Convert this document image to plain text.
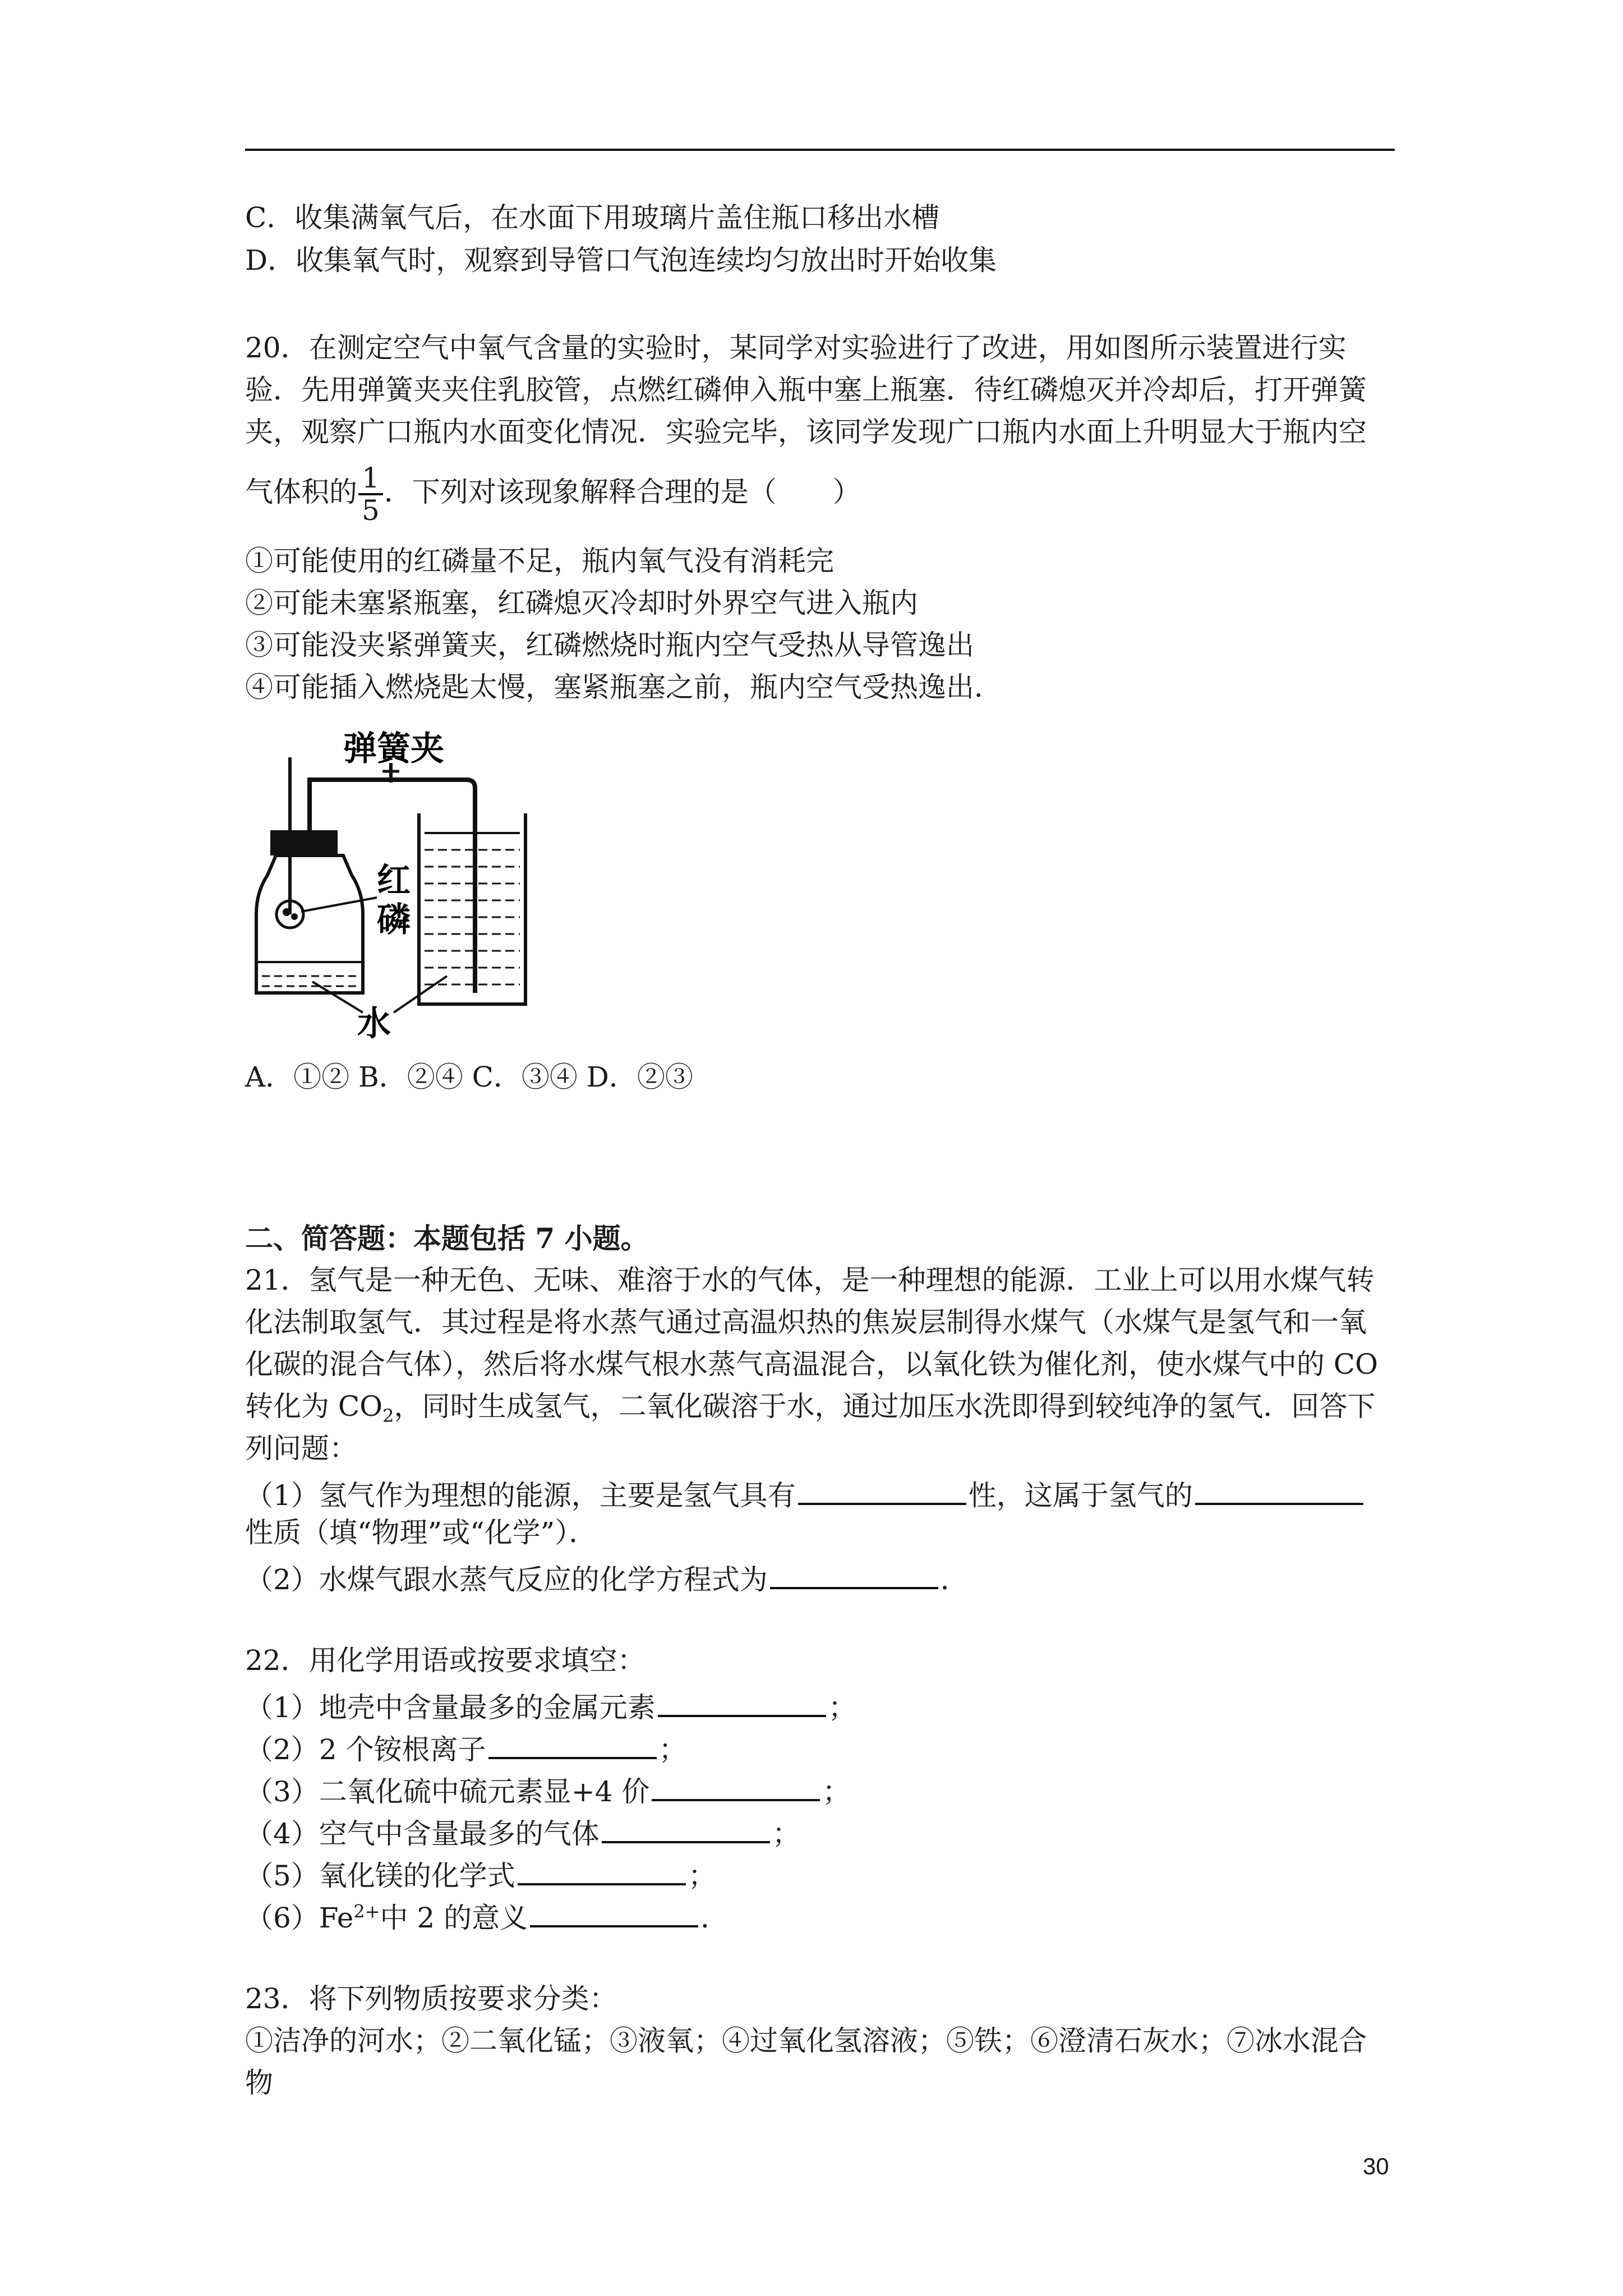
C．收集满氧气后，在水面下用玻璃片盖住瓶口移出水槽
D．收集氧气时，观察到导管口气泡连续均匀放出时开始收集
20．在测定空气中氧气含量的实验时，某同学对实验进行了改进，用如图所示装置进行实
验．先用弹簧夹夹住乳胶管，点燃红磷伸入瓶中塞上瓶塞．待红磷熄灭并冷却后，打开弹簧
夹，观察广口瓶内水面变化情况．实验完毕，该同学发现广口瓶内水面上升明显大于瓶内空
气体积的 $\frac{1}{5}$ ．下列对该现象解释合理的是（　　）
①可能使用的红磷量不足，瓶内氧气没有消耗完
②可能未塞紧瓶塞，红磷熄灭冷却时外界空气进入瓶内
③可能没夹紧弹簧夹，红磷燃烧时瓶内空气受热从导管逸出
④可能插入燃烧匙太慢，塞紧瓶塞之前，瓶内空气受热逸出．
弹簧夹
红
磷
水
A．①② B．②④ C．③④ D．②③
二、简答题：本题包括 7 小题。
21．氢气是一种无色、无味、难溶于水的气体，是一种理想的能源．工业上可以用水煤气转
化法制取氢气．其过程是将水蒸气通过高温炽热的焦炭层制得水煤气（水煤气是氢气和一氧
化碳的混合气体），然后将水煤气根水蒸气高温混合，以氧化铁为催化剂，使水煤气中的 CO
转化为 $CO_2$，同时生成氢气，二氧化碳溶于水，通过加压水洗即得到较纯净的氢气．回答下
列问题：
（1）氢气作为理想的能源，主要是氢气具有	性，这属于氢气的
性质（填“物理”或“化学”）．
（2）水煤气跟水蒸气反应的化学方程式为	．
22．用化学用语或按要求填空：
（1）地壳中含量最多的金属元素	；
（2）2 个铵根离子	；
（3）二氧化硫中硫元素显+4 价	；
（4）空气中含量最多的气体	；
（5）氧化镁的化学式	；
$(6)Fe^{2+}$中 2 的意义	．
23．将下列物质按要求分类：
①洁净的河水；②二氧化锰；③液氧；④过氧化氢溶液；⑤铁；⑥澄清石灰水；⑦冰水混合
物
30
